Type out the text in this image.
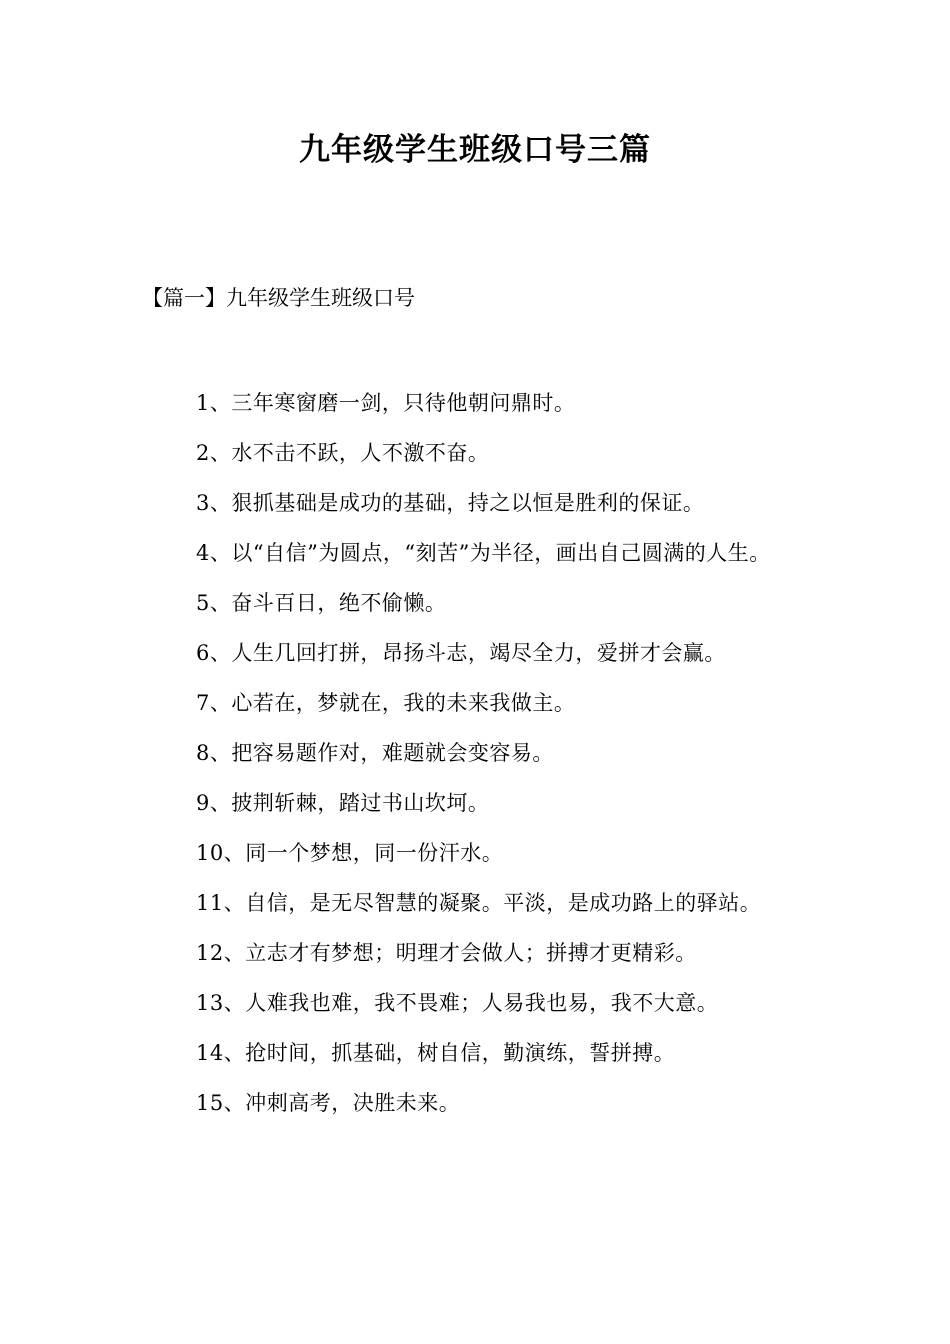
九年级学生班级口号三篇
【篇一】九年级学生班级口号

1、三年寒窗磨一剑，只待他朝问鼎时。

2、水不击不跃，人不激不奋。

3、狠抓基础是成功的基础，持之以恒是胜利的保证。

4、以“自信”为圆点，“刻苦”为半径，画出自己圆满的人生。

5、奋斗百日，绝不偷懒。

6、人生几回打拼，昂扬斗志，竭尽全力，爱拼才会赢。

7、心若在，梦就在，我的未来我做主。

8、把容易题作对，难题就会变容易。

9、披荆斩棘，踏过书山坎坷。

10、同一个梦想，同一份汗水。

11、自信，是无尽智慧的凝聚。平淡，是成功路上的驿站。

12、立志才有梦想；明理才会做人；拼搏才更精彩。

13、人难我也难，我不畏难；人易我也易，我不大意。

14、抢时间，抓基础，树自信，勤演练，誓拼搏。

15、冲刺高考，决胜未来。
